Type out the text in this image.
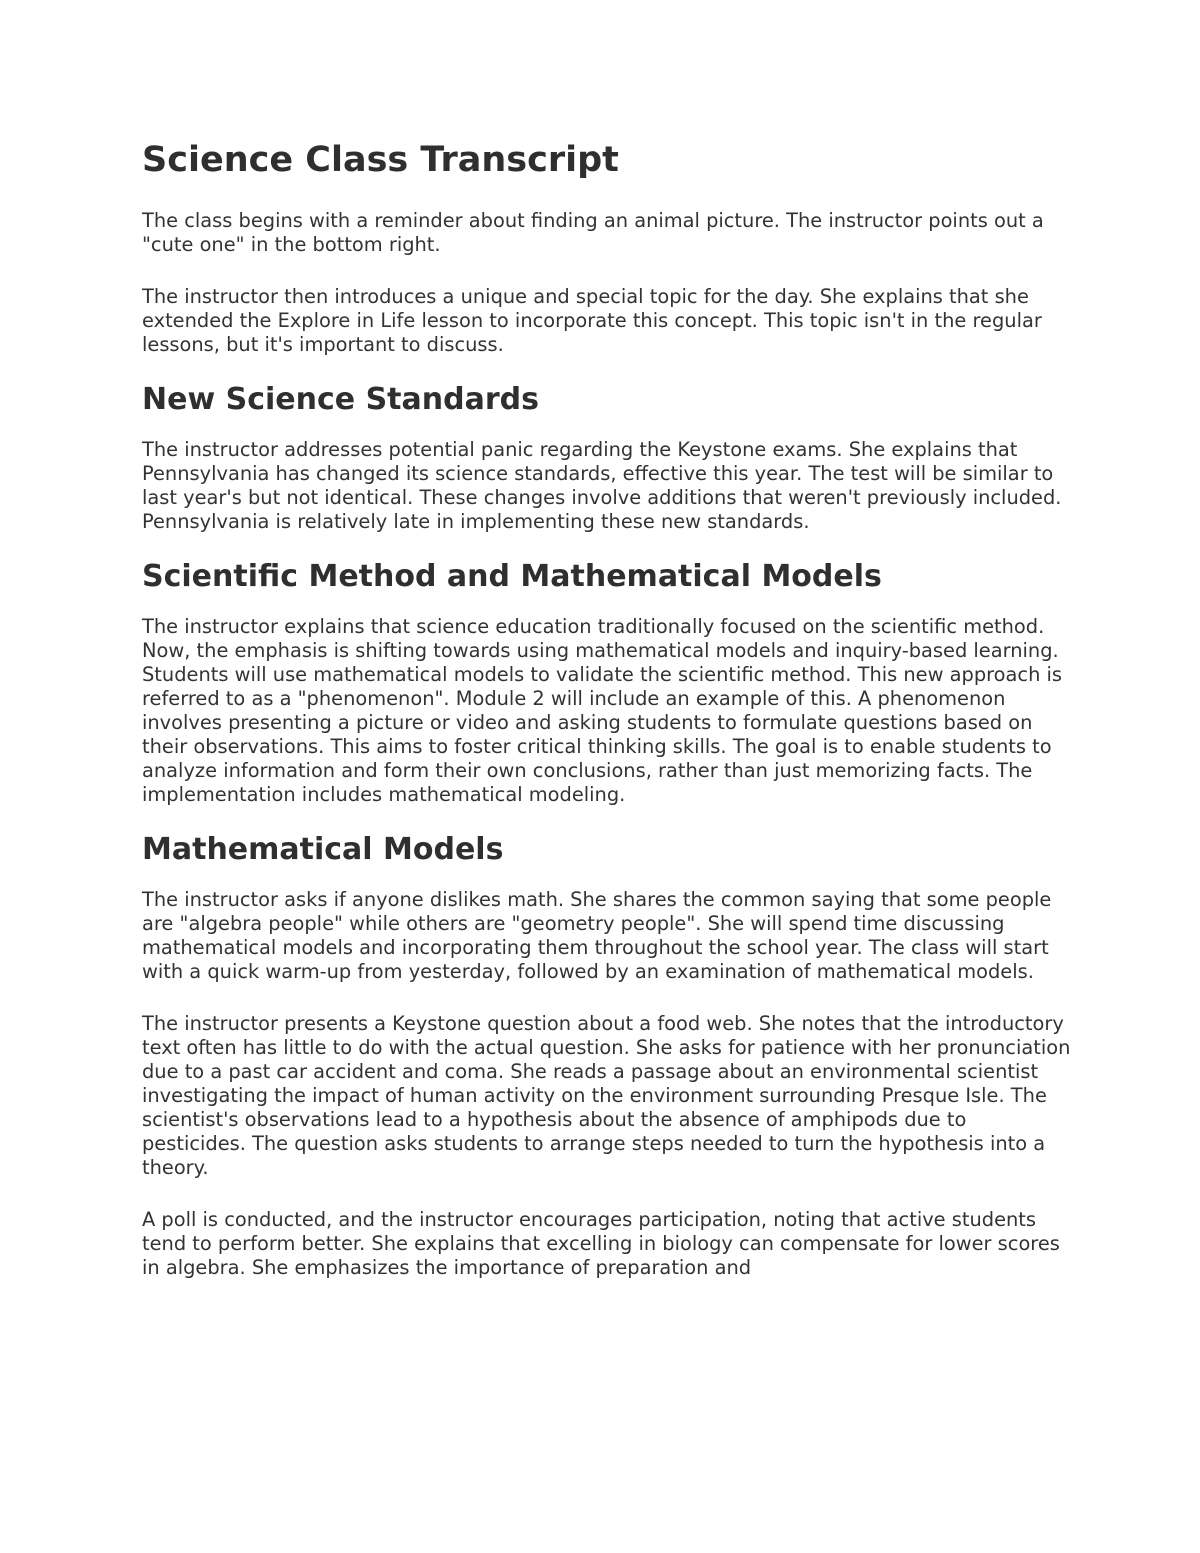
Science Class Transcript

The class begins with a reminder about finding an animal picture. The instructor points out a "cute one" in the bottom right.

The instructor then introduces a unique and special topic for the day. She explains that she extended the Explore in Life lesson to incorporate this concept. This topic isn't in the regular lessons, but it's important to discuss.

New Science Standards

The instructor addresses potential panic regarding the Keystone exams. She explains that Pennsylvania has changed its science standards, effective this year. The test will be similar to last year's but not identical. These changes involve additions that weren't previously included. Pennsylvania is relatively late in implementing these new standards.

Scientific Method and Mathematical Models

The instructor explains that science education traditionally focused on the scientific method. Now, the emphasis is shifting towards using mathematical models and inquiry-based learning. Students will use mathematical models to validate the scientific method. This new approach is referred to as a "phenomenon". Module 2 will include an example of this. A phenomenon involves presenting a picture or video and asking students to formulate questions based on their observations. This aims to foster critical thinking skills. The goal is to enable students to analyze information and form their own conclusions, rather than just memorizing facts. The implementation includes mathematical modeling.

Mathematical Models

The instructor asks if anyone dislikes math. She shares the common saying that some people are "algebra people" while others are "geometry people". She will spend time discussing mathematical models and incorporating them throughout the school year. The class will start with a quick warm-up from yesterday, followed by an examination of mathematical models.

The instructor presents a Keystone question about a food web. She notes that the introductory text often has little to do with the actual question. She asks for patience with her pronunciation due to a past car accident and coma. She reads a passage about an environmental scientist investigating the impact of human activity on the environment surrounding Presque Isle. The scientist's observations lead to a hypothesis about the absence of amphipods due to pesticides. The question asks students to arrange steps needed to turn the hypothesis into a theory.

A poll is conducted, and the instructor encourages participation, noting that active students tend to perform better. She explains that excelling in biology can compensate for lower scores in algebra. She emphasizes the importance of preparation and
